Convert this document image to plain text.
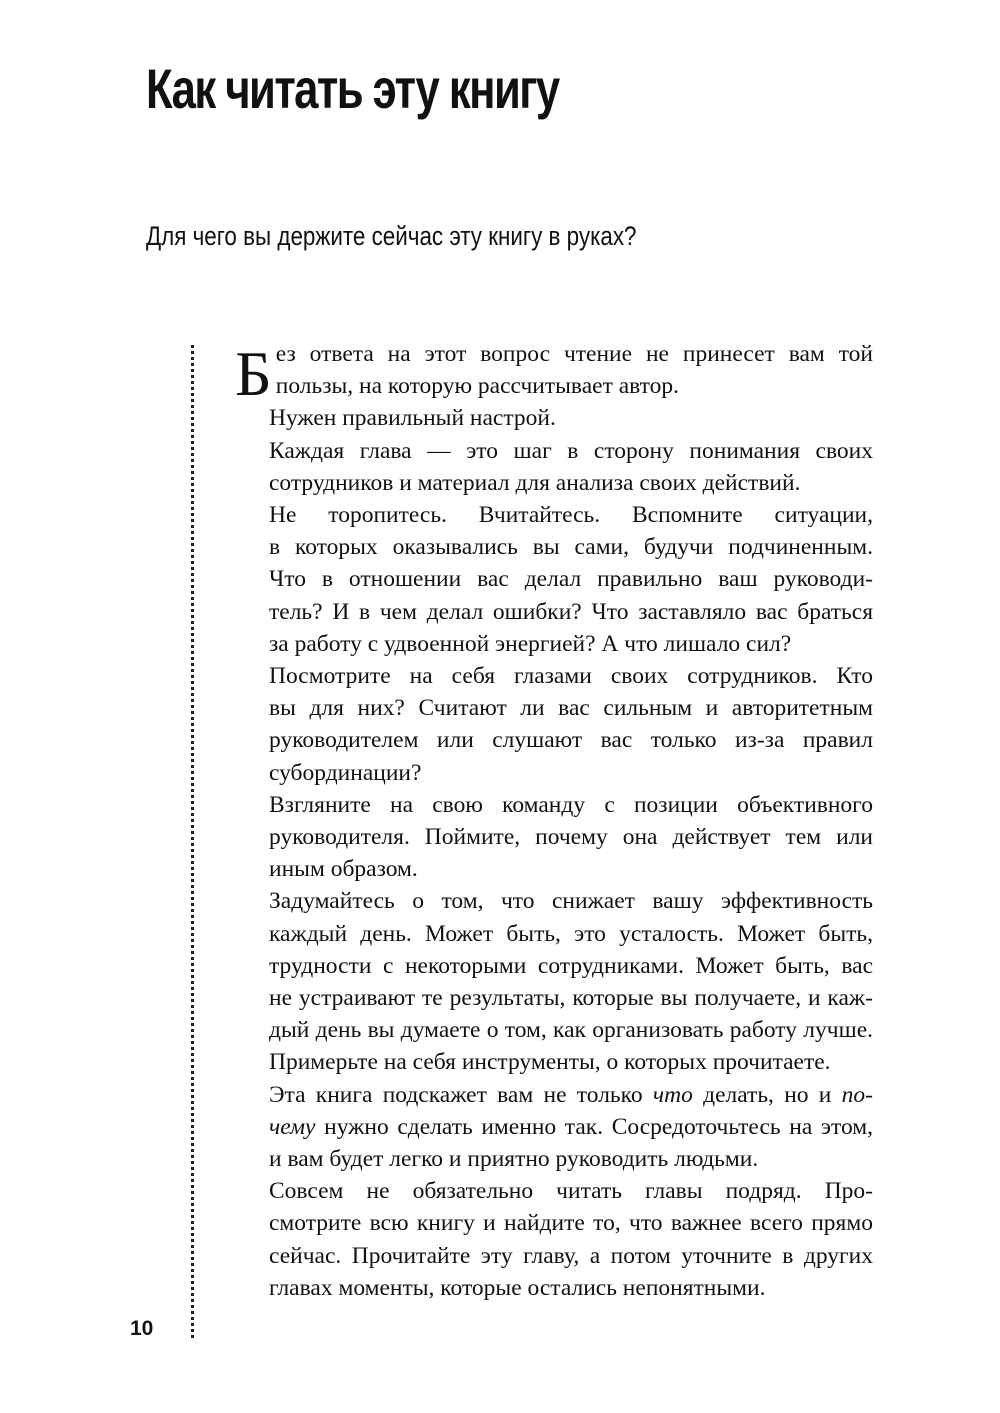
Как читать эту книгу
Для чего вы держите сейчас эту книгу в руках?
10

Б ез ответа на этот вопрос чтение не принесет вам той
пользы, на которую рассчитывает автор.

Нужен правильный настрой.

Каждая глава — это шаг в сторону понимания своих
сотрудников и материал для анализа своих действий.

Не торопитесь. Вчитайтесь. Вспомните ситуации,
в которых оказывались вы сами, будучи подчиненным.
Что в отношении вас делал правильно ваш руководи-
тель? И в чем делал ошибки? Что заставляло вас браться
за работу с удвоенной энергией? А что лишало сил?

Посмотрите на себя глазами своих сотрудников. Кто
вы для них? Считают ли вас сильным и авторитетным
руководителем или слушают вас только из-за правил
субординации?

Взгляните на свою команду с позиции объективного
руководителя. Поймите, почему она действует тем или
иным образом.

Задумайтесь о том, что снижает вашу эффективность
каждый день. Может быть, это усталость. Может быть,
трудности с некоторыми сотрудниками. Может быть, вас
не устраивают те результаты, которые вы получаете, и каж-
дый день вы думаете о том, как организовать работу лучше.
Примерьте на себя инструменты, о которых прочитаете.

Эта книга подскажет вам не только что делать, но и по-
чему нужно сделать именно так. Сосредоточьтесь на этом,
и вам будет легко и приятно руководить людьми.

Совсем не обязательно читать главы подряд. Про-
смотрите всю книгу и найдите то, что важнее всего прямо
сейчас. Прочитайте эту главу, а потом уточните в других
главах моменты, которые остались непонятными.
